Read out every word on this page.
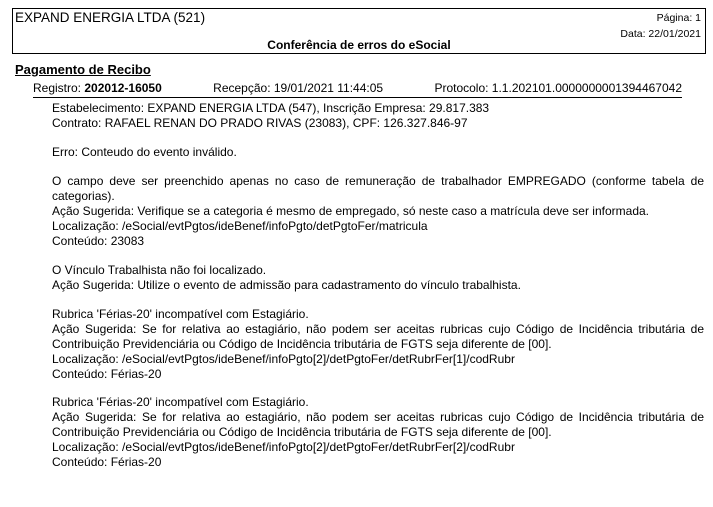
EXPAND ENERGIA LTDA (521)	Página: 1
Data: 22/01/2021
Conferência de erros do eSocial
Pagamento de Recibo
Registro: 202012-16050	Recepção: 19/01/2021 11:44:05	Protocolo: 1.1.202101.0000000001394467042
Estabelecimento: EXPAND ENERGIA LTDA (547), Inscrição Empresa: 29.817.383
Contrato: RAFAEL RENAN DO PRADO RIVAS (23083), CPF: 126.327.846-97
Erro: Conteudo do evento inválido.
O campo deve ser preenchido apenas no caso de remuneração de trabalhador EMPREGADO (conforme tabela de categorias).
Ação Sugerida: Verifique se a categoria é mesmo de empregado, só neste caso a matrícula deve ser informada.
Localização: /eSocial/evtPgtos/ideBenef/infoPgto/detPgtoFer/matricula
Conteúdo: 23083
O Vínculo Trabalhista não foi localizado.
Ação Sugerida: Utilize o evento de admissão para cadastramento do vínculo trabalhista.
Rubrica 'Férias-20' incompatível com Estagiário.
Ação Sugerida: Se for relativa ao estagiário, não podem ser aceitas rubricas cujo Código de Incidência tributária de Contribuição Previdenciária ou Código de Incidência tributária de FGTS seja diferente de [00].
Localização: /eSocial/evtPgtos/ideBenef/infoPgto[2]/detPgtoFer/detRubrFer[1]/codRubr
Conteúdo: Férias-20
Rubrica 'Férias-20' incompatível com Estagiário.
Ação Sugerida: Se for relativa ao estagiário, não podem ser aceitas rubricas cujo Código de Incidência tributária de Contribuição Previdenciária ou Código de Incidência tributária de FGTS seja diferente de [00].
Localização: /eSocial/evtPgtos/ideBenef/infoPgto[2]/detPgtoFer/detRubrFer[2]/codRubr
Conteúdo: Férias-20
